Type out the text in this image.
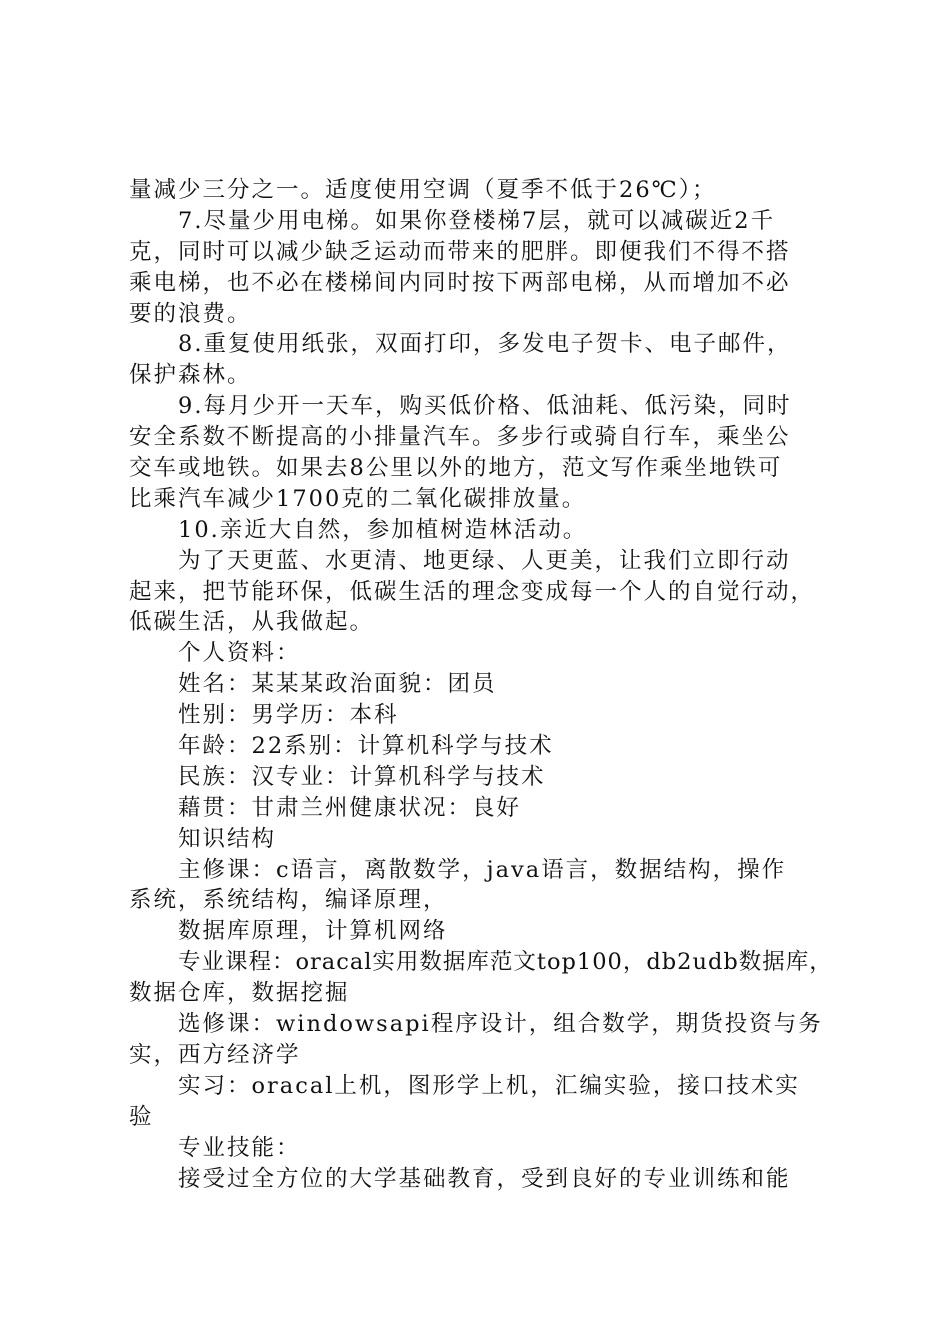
量减少三分之一。适度使用空调（夏季不低于26℃）；
7.尽量少用电梯。如果你登楼梯7层，就可以减碳近2千
克，同时可以减少缺乏运动而带来的肥胖。即便我们不得不搭
乘电梯，也不必在楼梯间内同时按下两部电梯，从而增加不必
要的浪费。
8.重复使用纸张，双面打印，多发电子贺卡、电子邮件，
保护森林。
9.每月少开一天车，购买低价格、低油耗、低污染，同时
安全系数不断提高的小排量汽车。多步行或骑自行车，乘坐公
交车或地铁。如果去8公里以外的地方，范文写作乘坐地铁可
比乘汽车减少1700克的二氧化碳排放量。
10.亲近大自然，参加植树造林活动。
为了天更蓝、水更清、地更绿、人更美，让我们立即行动
起来，把节能环保，低碳生活的理念变成每一个人的自觉行动，
低碳生活，从我做起。
个人资料：
姓名：某某某政治面貌：团员
性别：男学历：本科
年龄：22系别：计算机科学与技术
民族：汉专业：计算机科学与技术
藉贯：甘肃兰州健康状况：良好
知识结构
主修课：c语言，离散数学，java语言，数据结构，操作
系统，系统结构，编译原理，
数据库原理，计算机网络
专业课程：oracal实用数据库范文top100，db2udb数据库，
数据仓库，数据挖掘
选修课：windowsapi程序设计，组合数学，期货投资与务
实，西方经济学
实习：oracal上机，图形学上机，汇编实验，接口技术实
验
专业技能：
接受过全方位的大学基础教育，受到良好的专业训练和能
